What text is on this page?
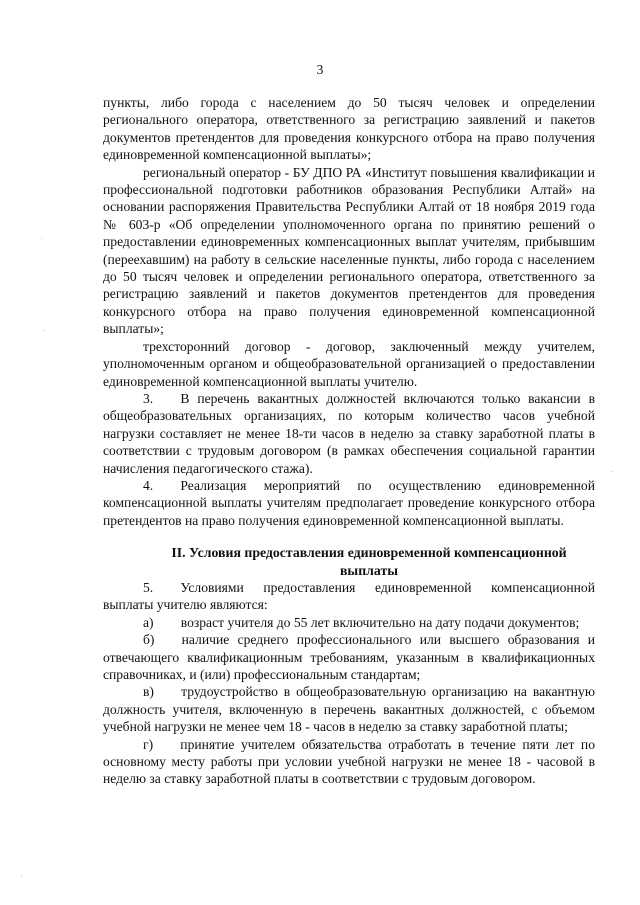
3

пункты, либо города с населением до 50 тысяч человек и определении регионального оператора, ответственного за регистрацию заявлений и пакетов документов претендентов для проведения конкурсного отбора на право получения единовременной компенсационной выплаты»;

региональный оператор - БУ ДПО РА «Институт повышения квалификации и профессиональной подготовки работников образования Республики Алтай» на основании распоряжения Правительства Республики Алтай от 18 ноября 2019 года № 603-р «Об определении уполномоченного органа по принятию решений о предоставлении единовременных компенсационных выплат учителям, прибывшим (переехавшим) на работу в сельские населенные пункты, либо города с населением до 50 тысяч человек и определении регионального оператора, ответственного за регистрацию заявлений и пакетов документов претендентов для проведения конкурсного отбора на право получения единовременной компенсационной выплаты»;

трехсторонний договор - договор, заключенный между учителем, уполномоченным органом и общеобразовательной организацией о предоставлении единовременной компенсационной выплаты учителю.

3.  В перечень вакантных должностей включаются только вакансии в общеобразовательных организациях, по которым количество часов учебной нагрузки составляет не менее 18-ти часов в неделю за ставку заработной платы в соответствии с трудовым договором (в рамках обеспечения социальной гарантии начисления педагогического стажа).

4.  Реализация мероприятий по осуществлению единовременной компенсационной выплаты учителям предполагает проведение конкурсного отбора претендентов на право получения единовременной компенсационной выплаты.

II. Условия предоставления единовременной компенсационной выплаты

5.  Условиями предоставления единовременной компенсационной выплаты учителю являются:

а)  возраст учителя до 55 лет включительно на дату подачи документов;

б)  наличие среднего профессионального или высшего образования и отвечающего квалификационным требованиям, указанным в квалификационных справочниках, и (или) профессиональным стандартам;

в)  трудоустройство в общеобразовательную организацию на вакантную должность учителя, включенную в перечень вакантных должностей, с объемом учебной нагрузки не менее чем 18 - часов в неделю за ставку заработной платы;

г)  принятие учителем обязательства отработать в течение пяти лет по основному месту работы при условии учебной нагрузки не менее 18 - часовой в неделю за ставку заработной платы в соответствии с трудовым договором.
